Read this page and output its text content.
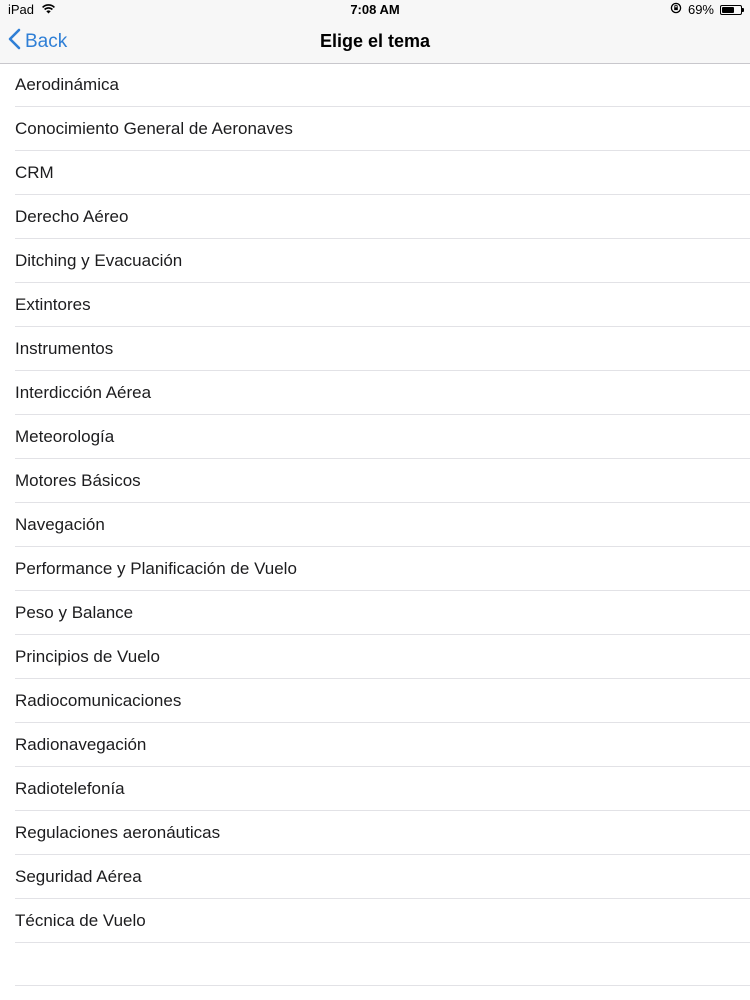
iPad	7:08 AM	69%
Back	Elige el tema
Aerodinámica
Conocimiento General de Aeronaves
CRM
Derecho Aéreo
Ditching y Evacuación
Extintores
Instrumentos
Interdicción Aérea
Meteorología
Motores Básicos
Navegación
Performance y Planificación de Vuelo
Peso y Balance
Principios de Vuelo
Radiocomunicaciones
Radionavegación
Radiotelefonía
Regulaciones aeronáuticas
Seguridad Aérea
Técnica de Vuelo
